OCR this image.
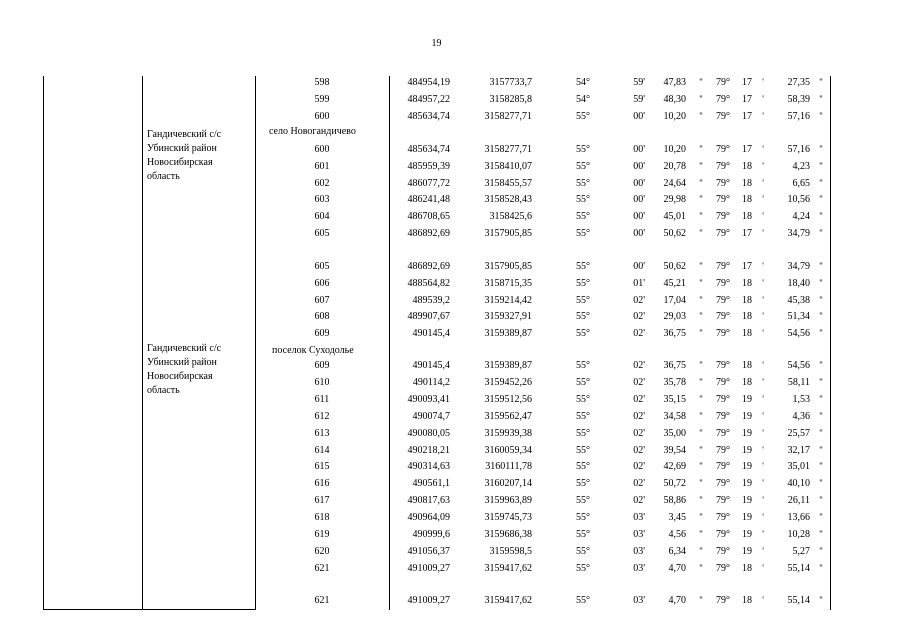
19
Гандичевский с/с
Убинский район
Новосибирская
область
Гандичевский с/с
Убинский район
Новосибирская
область
село Новогандичево
поселок Суходолье
598	484954,19	3157733,7	54°	59'	47,83 "	79°	17 '	27,35 "
599	484957,22	3158285,8	54°	59'	48,30 "	79°	17 '	58,39 "
600	485634,74	3158277,71	55°	00'	10,20 "	79°	17 '	57,16 "
600	485634,74	3158277,71	55°	00'	10,20 "	79°	17 '	57,16 "
601	485959,39	3158410,07	55°	00'	20,78 "	79°	18 '	4,23 "
602	486077,72	3158455,57	55°	00'	24,64 "	79°	18 '	6,65 "
603	486241,48	3158528,43	55°	00'	29,98 "	79°	18 '	10,56 "
604	486708,65	3158425,6	55°	00'	45,01 "	79°	18 '	4,24 "
605	486892,69	3157905,85	55°	00'	50,62 "	79°	17 '	34,79 "
605	486892,69	3157905,85	55°	00'	50,62 "	79°	17 '	34,79 "
606	488564,82	3158715,35	55°	01'	45,21 "	79°	18 '	18,40 "
607	489539,2	3159214,42	55°	02'	17,04 "	79°	18 '	45,38 "
608	489907,67	3159327,91	55°	02'	29,03 "	79°	18 '	51,34 "
609	490145,4	3159389,87	55°	02'	36,75 "	79°	18 '	54,56 "
609	490145,4	3159389,87	55°	02'	36,75 "	79°	18 '	54,56 "
610	490114,2	3159452,26	55°	02'	35,78 "	79°	18 '	58,11 "
611	490093,41	3159512,56	55°	02'	35,15 "	79°	19 '	1,53 "
612	490074,7	3159562,47	55°	02'	34,58 "	79°	19 '	4,36 "
613	490080,05	3159939,38	55°	02'	35,00 "	79°	19 '	25,57 "
614	490218,21	3160059,34	55°	02'	39,54 "	79°	19 '	32,17 "
615	490314,63	3160111,78	55°	02'	42,69 "	79°	19 '	35,01 "
616	490561,1	3160207,14	55°	02'	50,72 "	79°	19 '	40,10 "
617	490817,63	3159963,89	55°	02'	58,86 "	79°	19 '	26,11 "
618	490964,09	3159745,73	55°	03'	3,45 "	79°	19 '	13,66 "
619	490999,6	3159686,38	55°	03'	4,56 "	79°	19 '	10,28 "
620	491056,37	3159598,5	55°	03'	6,34 "	79°	19 '	5,27 "
621	491009,27	3159417,62	55°	03'	4,70 "	79°	18 '	55,14 "
621	491009,27	3159417,62	55°	03'	4,70 "	79°	18 '	55,14 "
